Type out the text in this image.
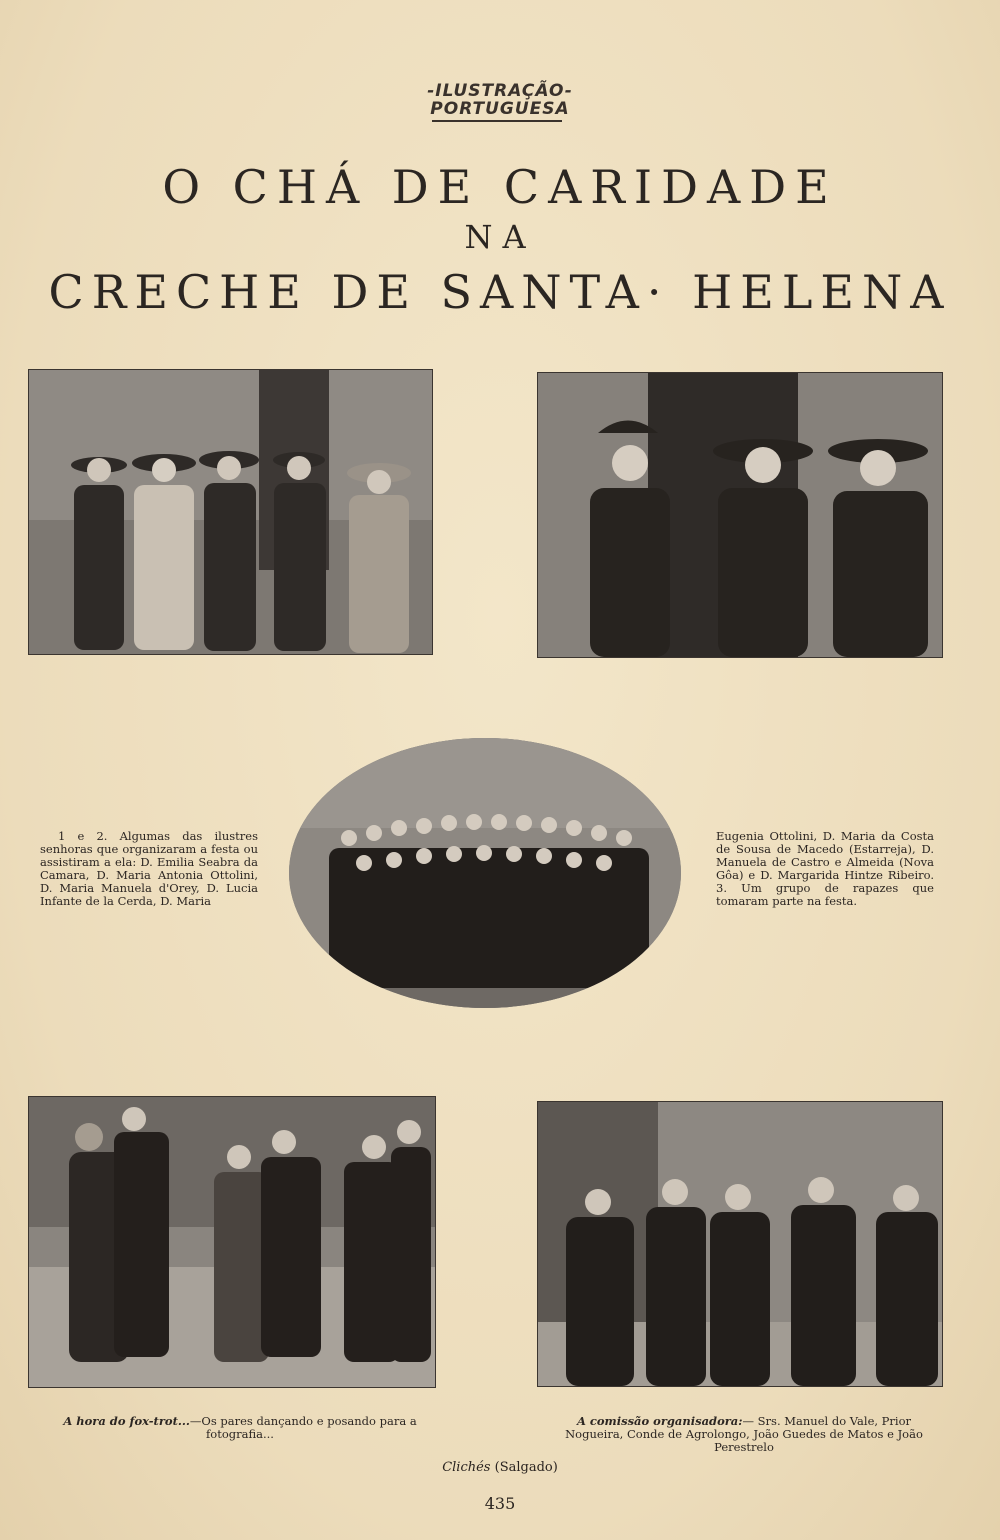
-ILUSTRAÇÃO-
PORTUGUESA
O CHÁ DE CARIDADE
NA
CRECHE DE SANTA· HELENA
1 e 2. Algumas das ilustres senhoras que organizaram a festa ou assistiram a ela: D. Emilia Seabra da Camara, D. Maria Antonia Ottolini, D. Maria Manuela d'Orey, D. Lucia Infante de la Cerda, D. Maria
Eugenia Ottolini, D. Maria da Costa de Sousa de Macedo (Estarreja), D. Manuela de Castro e Almeida (Nova Gôa) e D. Margarida Hintze Ribeiro. 3. Um grupo de rapazes que tomaram parte na festa.
A hora do fox-trot...—Os pares dançando e posando para a fotografia...
A comissão organisadora:— Srs. Manuel do Vale, Prior Nogueira, Conde de Agrolongo, João Guedes de Matos e João Perestrelo
Clichés (Salgado)
435
